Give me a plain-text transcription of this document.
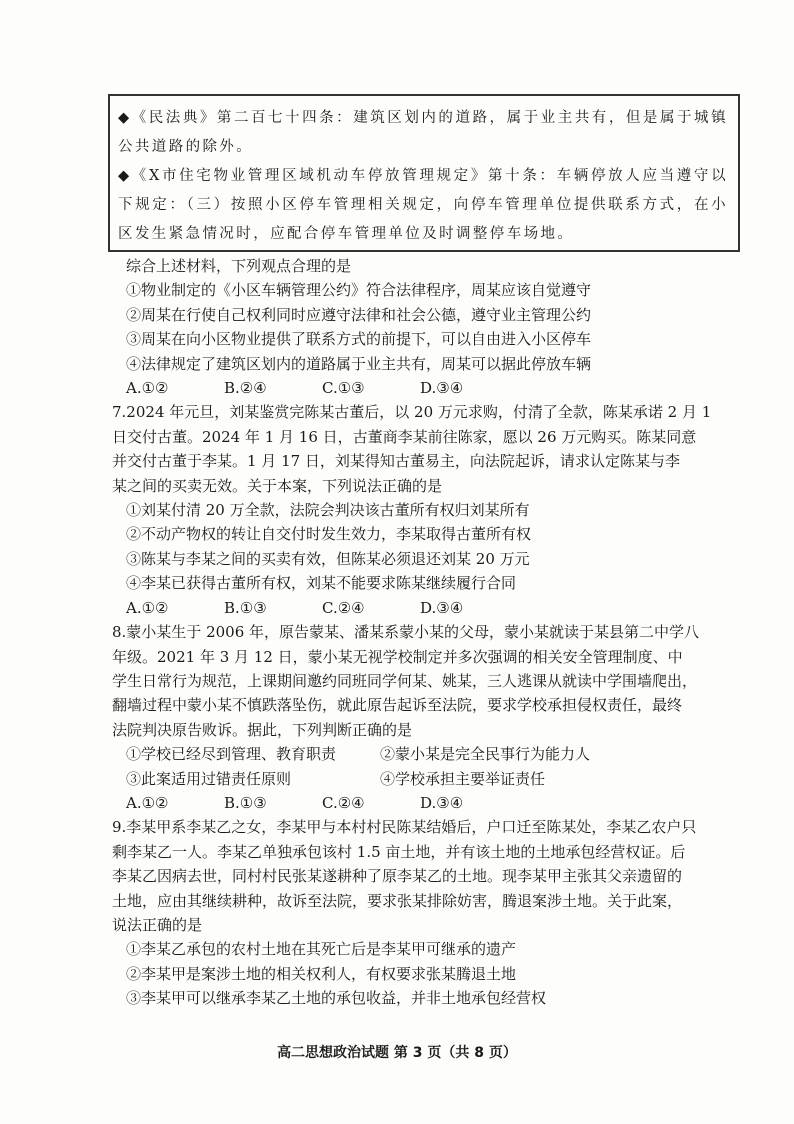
◆《民法典》第二百七十四条：建筑区划内的道路，属于业主共有，但是属于城镇公共道路的除外。

◆《X市住宅物业管理区域机动车停放管理规定》第十条：车辆停放人应当遵守以下规定：（三）按照小区停车管理相关规定，向停车管理单位提供联系方式，在小区发生紧急情况时，应配合停车管理单位及时调整停车场地。

综合上述材料，下列观点合理的是
①物业制定的《小区车辆管理公约》符合法律程序，周某应该自觉遵守
②周某在行使自己权利同时应遵守法律和社会公德，遵守业主管理公约
③周某在向小区物业提供了联系方式的前提下，可以自由进入小区停车
④法律规定了建筑区划内的道路属于业主共有，周某可以据此停放车辆
A.①②	B.②④	C.①③	D.③④
7.2024 年元旦，刘某鉴赏完陈某古董后，以 20 万元求购，付清了全款，陈某承诺 2 月 1
日交付古董。2024 年 1 月 16 日，古董商李某前往陈家，愿以 26 万元购买。陈某同意
并交付古董于李某。1 月 17 日，刘某得知古董易主，向法院起诉，请求认定陈某与李
某之间的买卖无效。关于本案，下列说法正确的是
①刘某付清 20 万全款，法院会判决该古董所有权归刘某所有
②不动产物权的转让自交付时发生效力，李某取得古董所有权
③陈某与李某之间的买卖有效，但陈某必须退还刘某 20 万元
④李某已获得古董所有权，刘某不能要求陈某继续履行合同
A.①②	B.①③	C.②④	D.③④
8.蒙小某生于 2006 年，原告蒙某、潘某系蒙小某的父母，蒙小某就读于某县第二中学八
年级。2021 年 3 月 12 日，蒙小某无视学校制定并多次强调的相关安全管理制度、中
学生日常行为规范，上课期间邀约同班同学何某、姚某，三人逃课从就读中学围墙爬出，
翻墙过程中蒙小某不慎跌落坠伤，就此原告起诉至法院，要求学校承担侵权责任，最终
法院判决原告败诉。据此，下列判断正确的是
①学校已经尽到管理、教育职责	②蒙小某是完全民事行为能力人
③此案适用过错责任原则	④学校承担主要举证责任
A.①②	B.①③	C.②④	D.③④
9.李某甲系李某乙之女，李某甲与本村村民陈某结婚后，户口迁至陈某处，李某乙农户只
剩李某乙一人。李某乙单独承包该村 1.5 亩土地，并有该土地的土地承包经营权证。后
李某乙因病去世，同村村民张某遂耕种了原李某乙的土地。现李某甲主张其父亲遗留的
土地，应由其继续耕种，故诉至法院，要求张某排除妨害，腾退案涉土地。关于此案，
说法正确的是
①李某乙承包的农村土地在其死亡后是李某甲可继承的遗产
②李某甲是案涉土地的相关权利人，有权要求张某腾退土地
③李某甲可以继承李某乙土地的承包收益，并非土地承包经营权
高二思想政治试题 第 3 页（共 8 页）
